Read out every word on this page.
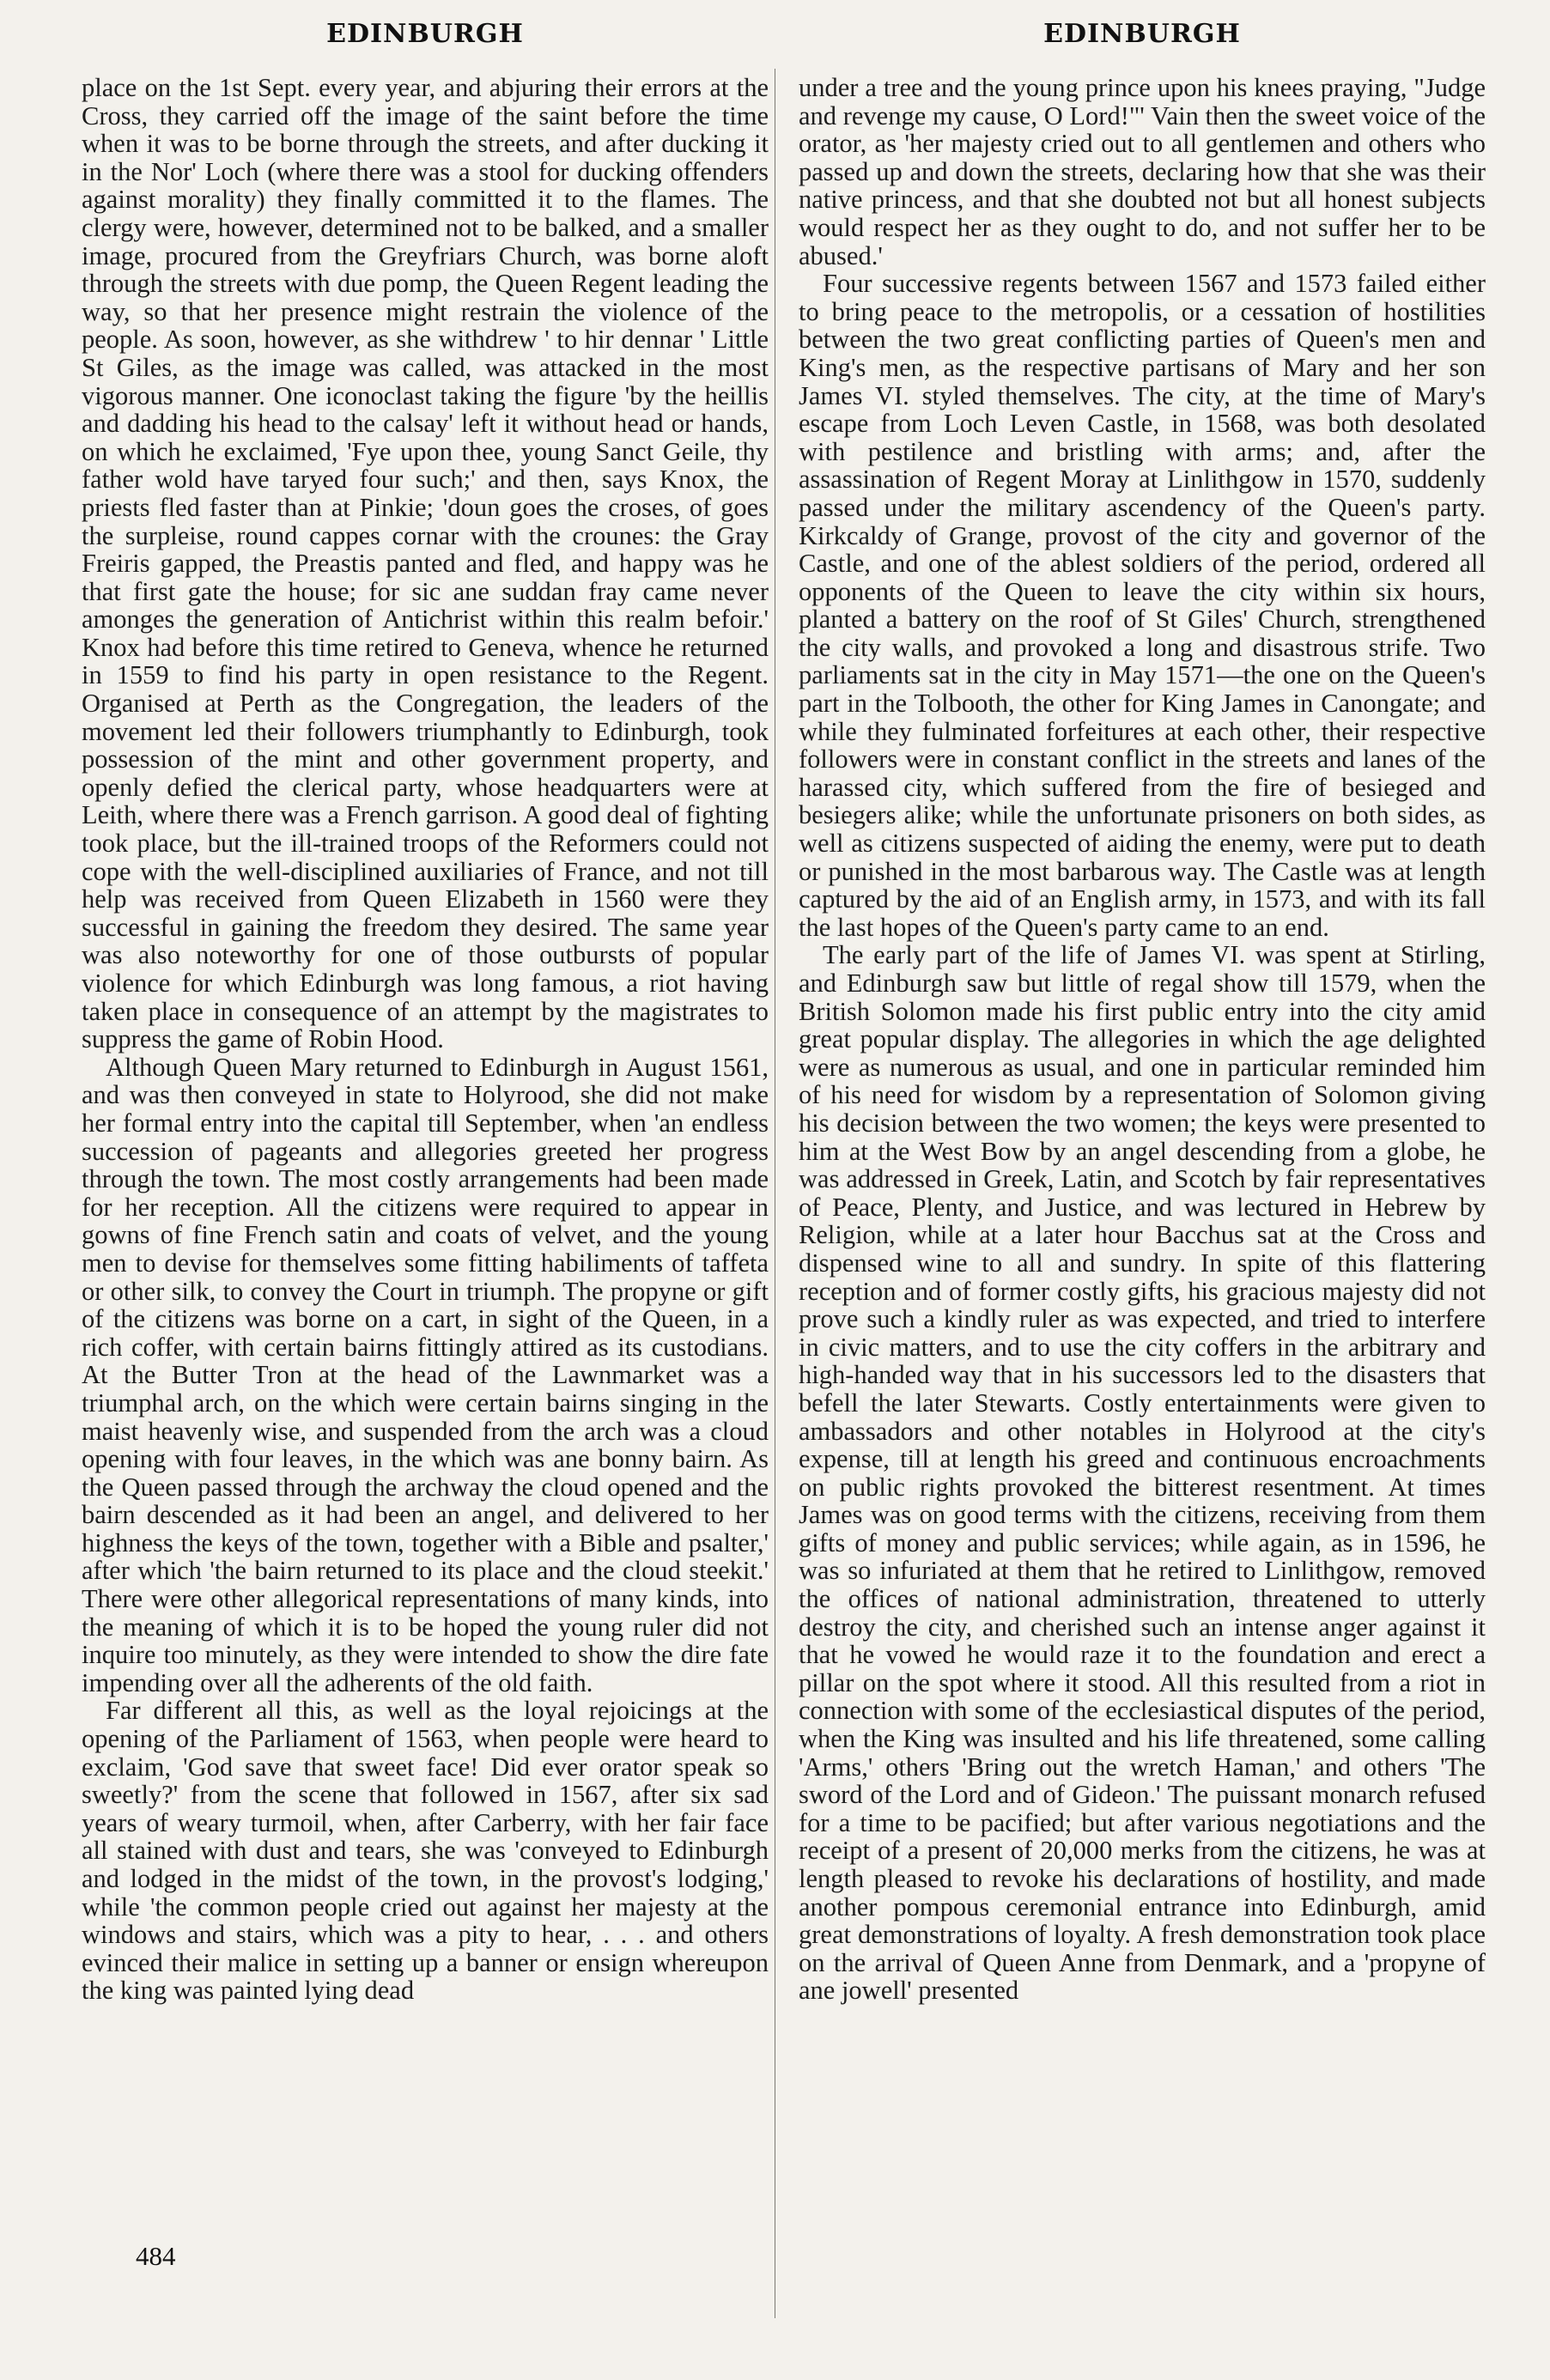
EDINBURGH

place on the 1st Sept. every year, and abjuring their errors at the Cross, they carried off the image of the saint before the time when it was to be borne through the streets, and after ducking it in the Nor' Loch (where there was a stool for ducking offenders against morality) they finally committed it to the flames. The clergy were, however, determined not to be balked, and a smaller image, procured from the Greyfriars Church, was borne aloft through the streets with due pomp, the Queen Regent leading the way, so that her presence might restrain the violence of the people. As soon, however, as she withdrew ' to hir dennar ' Little St Giles, as the image was called, was attacked in the most vigorous manner. One iconoclast taking the figure 'by the heillis and dadding his head to the calsay' left it without head or hands, on which he exclaimed, 'Fye upon thee, young Sanct Geile, thy father wold have taryed four such;' and then, says Knox, the priests fled faster than at Pinkie; 'doun goes the croses, of goes the surpleise, round cappes cornar with the crounes: the Gray Freiris gapped, the Preastis panted and fled, and happy was he that first gate the house; for sic ane suddan fray came never amonges the generation of Antichrist within this realm befoir.' Knox had before this time retired to Geneva, whence he returned in 1559 to find his party in open resistance to the Regent. Organised at Perth as the Congregation, the leaders of the movement led their followers triumphantly to Edinburgh, took possession of the mint and other government property, and openly defied the clerical party, whose headquarters were at Leith, where there was a French garrison. A good deal of fighting took place, but the ill-trained troops of the Reformers could not cope with the well-disciplined auxiliaries of France, and not till help was received from Queen Elizabeth in 1560 were they successful in gaining the freedom they desired. The same year was also noteworthy for one of those outbursts of popular violence for which Edinburgh was long famous, a riot having taken place in consequence of an attempt by the magistrates to suppress the game of Robin Hood.

Although Queen Mary returned to Edinburgh in August 1561, and was then conveyed in state to Holyrood, she did not make her formal entry into the capital till September, when 'an endless succession of pageants and allegories greeted her progress through the town. The most costly arrangements had been made for her reception. All the citizens were required to appear in gowns of fine French satin and coats of velvet, and the young men to devise for themselves some fitting habiliments of taffeta or other silk, to convey the Court in triumph. The propyne or gift of the citizens was borne on a cart, in sight of the Queen, in a rich coffer, with certain bairns fittingly attired as its custodians. At the Butter Tron at the head of the Lawnmarket was a triumphal arch, on the which were certain bairns singing in the maist heavenly wise, and suspended from the arch was a cloud opening with four leaves, in the which was ane bonny bairn. As the Queen passed through the archway the cloud opened and the bairn descended as it had been an angel, and delivered to her highness the keys of the town, together with a Bible and psalter,' after which 'the bairn returned to its place and the cloud steekit.' There were other allegorical representations of many kinds, into the meaning of which it is to be hoped the young ruler did not inquire too minutely, as they were intended to show the dire fate impending over all the adherents of the old faith.

Far different all this, as well as the loyal rejoicings at the opening of the Parliament of 1563, when people were heard to exclaim, 'God save that sweet face! Did ever orator speak so sweetly?' from the scene that followed in 1567, after six sad years of weary turmoil, when, after Carberry, with her fair face all stained with dust and tears, she was 'conveyed to Edinburgh and lodged in the midst of the town, in the provost's lodging,' while 'the common people cried out against her majesty at the windows and stairs, which was a pity to hear, . . . and others evinced their malice in setting up a banner or ensign whereupon the king was painted lying dead

EDINBURGH

under a tree and the young prince upon his knees praying, "Judge and revenge my cause, O Lord!"' Vain then the sweet voice of the orator, as 'her majesty cried out to all gentlemen and others who passed up and down the streets, declaring how that she was their native princess, and that she doubted not but all honest subjects would respect her as they ought to do, and not suffer her to be abused.'

Four successive regents between 1567 and 1573 failed either to bring peace to the metropolis, or a cessation of hostilities between the two great conflicting parties of Queen's men and King's men, as the respective partisans of Mary and her son James VI. styled themselves. The city, at the time of Mary's escape from Loch Leven Castle, in 1568, was both desolated with pestilence and bristling with arms; and, after the assassination of Regent Moray at Linlithgow in 1570, suddenly passed under the military ascendency of the Queen's party. Kirkcaldy of Grange, provost of the city and governor of the Castle, and one of the ablest soldiers of the period, ordered all opponents of the Queen to leave the city within six hours, planted a battery on the roof of St Giles' Church, strengthened the city walls, and provoked a long and disastrous strife. Two parliaments sat in the city in May 1571—the one on the Queen's part in the Tolbooth, the other for King James in Canongate; and while they fulminated forfeitures at each other, their respective followers were in constant conflict in the streets and lanes of the harassed city, which suffered from the fire of besieged and besiegers alike; while the unfortunate prisoners on both sides, as well as citizens suspected of aiding the enemy, were put to death or punished in the most barbarous way. The Castle was at length captured by the aid of an English army, in 1573, and with its fall the last hopes of the Queen's party came to an end.

The early part of the life of James VI. was spent at Stirling, and Edinburgh saw but little of regal show till 1579, when the British Solomon made his first public entry into the city amid great popular display. The allegories in which the age delighted were as numerous as usual, and one in particular reminded him of his need for wisdom by a representation of Solomon giving his decision between the two women; the keys were presented to him at the West Bow by an angel descending from a globe, he was addressed in Greek, Latin, and Scotch by fair representatives of Peace, Plenty, and Justice, and was lectured in Hebrew by Religion, while at a later hour Bacchus sat at the Cross and dispensed wine to all and sundry. In spite of this flattering reception and of former costly gifts, his gracious majesty did not prove such a kindly ruler as was expected, and tried to interfere in civic matters, and to use the city coffers in the arbitrary and high-handed way that in his successors led to the disasters that befell the later Stewarts. Costly entertainments were given to ambassadors and other notables in Holyrood at the city's expense, till at length his greed and continuous encroachments on public rights provoked the bitterest resentment. At times James was on good terms with the citizens, receiving from them gifts of money and public services; while again, as in 1596, he was so infuriated at them that he retired to Linlithgow, removed the offices of national administration, threatened to utterly destroy the city, and cherished such an intense anger against it that he vowed he would raze it to the foundation and erect a pillar on the spot where it stood. All this resulted from a riot in connection with some of the ecclesiastical disputes of the period, when the King was insulted and his life threatened, some calling 'Arms,' others 'Bring out the wretch Haman,' and others 'The sword of the Lord and of Gideon.' The puissant monarch refused for a time to be pacified; but after various negotiations and the receipt of a present of 20,000 merks from the citizens, he was at length pleased to revoke his declarations of hostility, and made another pompous ceremonial entrance into Edinburgh, amid great demonstrations of loyalty. A fresh demonstration took place on the arrival of Queen Anne from Denmark, and a 'propyne of ane jowell' presented

484
